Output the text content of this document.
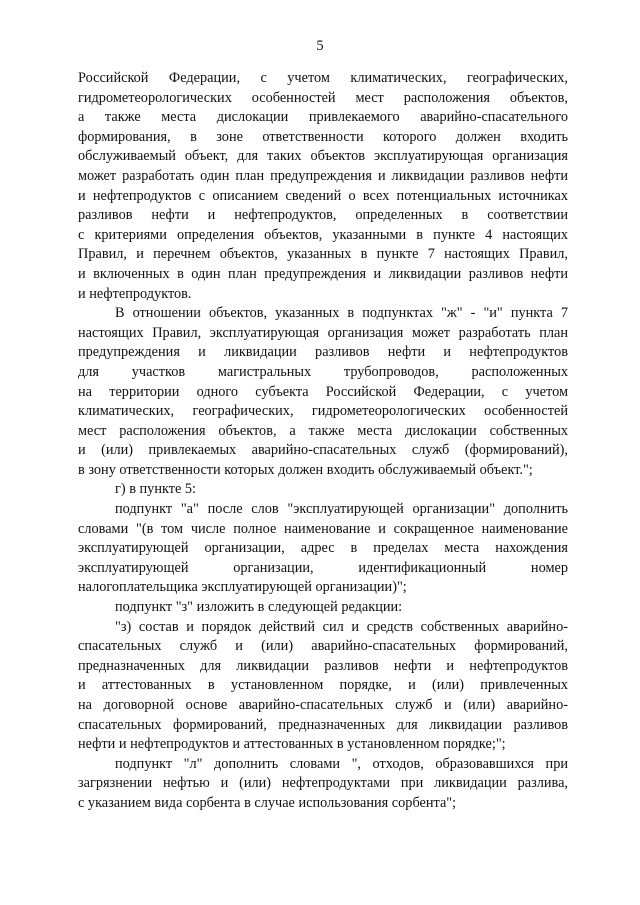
5

Российской Федерации, с учетом климатических, географических,
гидрометеорологических особенностей мест расположения объектов,
а также места дислокации привлекаемого аварийно-спасательного
формирования, в зоне ответственности которого должен входить
обслуживаемый объект, для таких объектов эксплуатирующая организация
может разработать один план предупреждения и ликвидации разливов нефти
и нефтепродуктов с описанием сведений о всех потенциальных источниках
разливов нефти и нефтепродуктов, определенных в соответствии
с критериями определения объектов, указанными в пункте 4 настоящих
Правил, и перечнем объектов, указанных в пункте 7 настоящих Правил,
и включенных в один план предупреждения и ликвидации разливов нефти
и нефтепродуктов.

В отношении объектов, указанных в подпунктах "ж" - "и" пункта 7
настоящих Правил, эксплуатирующая организация может разработать план
предупреждения и ликвидации разливов нефти и нефтепродуктов
для участков магистральных трубопроводов, расположенных
на территории одного субъекта Российской Федерации, с учетом
климатических, географических, гидрометеорологических особенностей
мест расположения объектов, а также места дислокации собственных
и (или) привлекаемых аварийно-спасательных служб (формирований),
в зону ответственности которых должен входить обслуживаемый объект.";

г) в пункте 5:

подпункт "а" после слов "эксплуатирующей организации" дополнить
словами "(в том числе полное наименование и сокращенное наименование
эксплуатирующей организации, адрес в пределах места нахождения
эксплуатирующей организации, идентификационный номер
налогоплательщика эксплуатирующей организации)";

подпункт "з" изложить в следующей редакции:

"з) состав и порядок действий сил и средств собственных аварийно-
спасательных служб и (или) аварийно-спасательных формирований,
предназначенных для ликвидации разливов нефти и нефтепродуктов
и аттестованных в установленном порядке, и (или) привлеченных
на договорной основе аварийно-спасательных служб и (или) аварийно-
спасательных формирований, предназначенных для ликвидации разливов
нефти и нефтепродуктов и аттестованных в установленном порядке;";

подпункт "л" дополнить словами ", отходов, образовавшихся при
загрязнении нефтью и (или) нефтепродуктами при ликвидации разлива,
с указанием вида сорбента в случае использования сорбента";
